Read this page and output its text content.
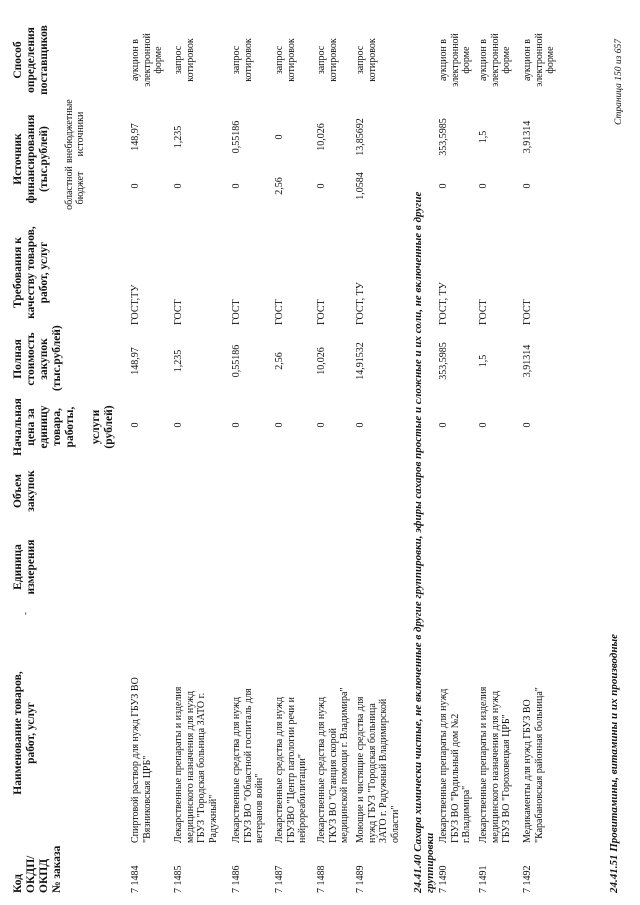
Код ОКДП/ ОКПД № заказа
Наименование товаров, работ, услуг
-
Единица измерения
Объем закупок
Начальная цена за единицу товара, работы, услуги (рублей)
Полная стоимость закупок (тыс.рублей)
Требования к качеству товаров, работ, услуг
Источник финансирования (тыс.рублей) областной бюджет
внебюджетные источники
Способ определения поставщиков
7 1484
Спиртовой раствор для нужд ГБУЗ ВО "Вязниковская ЦРБ"
0
148,97
ГОСТ,ТУ
0
148,97
аукцион в электронной форме
7 1485
Лекарственные препараты и изделия медицинского назначения для нужд ГБУЗ "Городская больница ЗАТО г. Радужный"
0
1,235
ГОСТ
0
1,235
запрос котировок
7 1486
Лекарственные средства для нужд ГБУЗ ВО "Областной госпиталь для ветеранов войн"
0
0,55186
ГОСТ
0
0,55186
запрос котировок
7 1487
Лекарственные средства для нужд ГБУЗВО "Центр патологии речи и нейрореабилитации"
0
2,56
ГОСТ
2,56
0
запрос котировок
7 1488
Лекарственные средства для нужд ГКУЗ ВО "Станция скорой медицинской помощи г. Владимира"
0
10,026
ГОСТ
0
10,026
запрос котировок
7 1489
Моющие и чистящие средства для нужд ГБУЗ "Городская больница ЗАТО г. Радужный Владимирской области"
0
14,91532
ГОСТ, ТУ
1,0584
13,85692
запрос котировок
24.41.40 Сахара химически чистые, не включенные в другие группировки, эфиры сахаров простые и сложные и их соли, не включенные в другие группировки 7 1490
Лекарственные препараты для нужд ГБУЗ ВО "Родильный дом №2 г.Владимира"
0
353,5985
ГОСТ, ТУ
0
353,5985
аукцион в электронной форме
7 1491
Лекарственные препараты и изделия медицинского назначения для нужд ГБУЗ ВО "Гороховецкая ЦРБ"
0
1,5
ГОСТ
0
1,5
аукцион в электронной форме
7 1492
Медикаменты для нужд ГБУЗ ВО "Карабановская районная больница"
0
3,91314
ГОСТ
0
3,91314
аукцион в электронной форме
24.41.51 Провитамины, витамины и их производные
Страница 150 из 657
